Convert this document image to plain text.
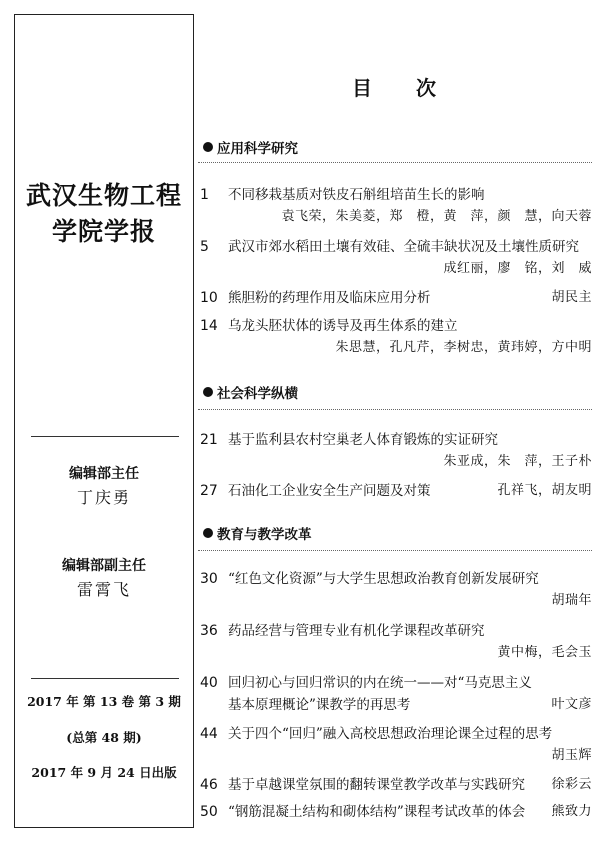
武汉生物工程
学院学报
编辑部主任
丁庆勇
编辑部副主任
雷霄飞
2017 年 第 13 卷 第 3 期
(总第 48 期)
2017 年 9 月 24 日出版
目次
应用科学研究
1 不同移栽基质对铁皮石斛组培苗生长的影响
袁飞荣，朱美菱，郑　橙，黄　萍，颜　慧，向天蓉
5 武汉市郊水稻田土壤有效硅、全硫丰缺状况及土壤性质研究
成红丽，廖　铭，刘　威
10 熊胆粉的药理作用及临床应用分析	胡民主
14 乌龙头胚状体的诱导及再生体系的建立
朱思慧，孔凡芹，李树忠，黄玮婷，方中明
社会科学纵横
21 基于监利县农村空巢老人体育锻炼的实证研究
朱亚成，朱　萍，王子朴
27 石油化工企业安全生产问题及对策	孔祥飞，胡友明
教育与教学改革
30 “红色文化资源”与大学生思想政治教育创新发展研究
胡瑞年
36 药品经营与管理专业有机化学课程改革研究
黄中梅，毛会玉
40 回归初心与回归常识的内在统一——对“马克思主义
基本原理概论”课教学的再思考	叶文彦
44 关于四个“回归”融入高校思想政治理论课全过程的思考
胡玉辉
46 基于卓越课堂氛围的翻转课堂教学改革与实践研究 徐彩云
50 “钢筋混凝土结构和砌体结构”课程考试改革的体会 熊致力
